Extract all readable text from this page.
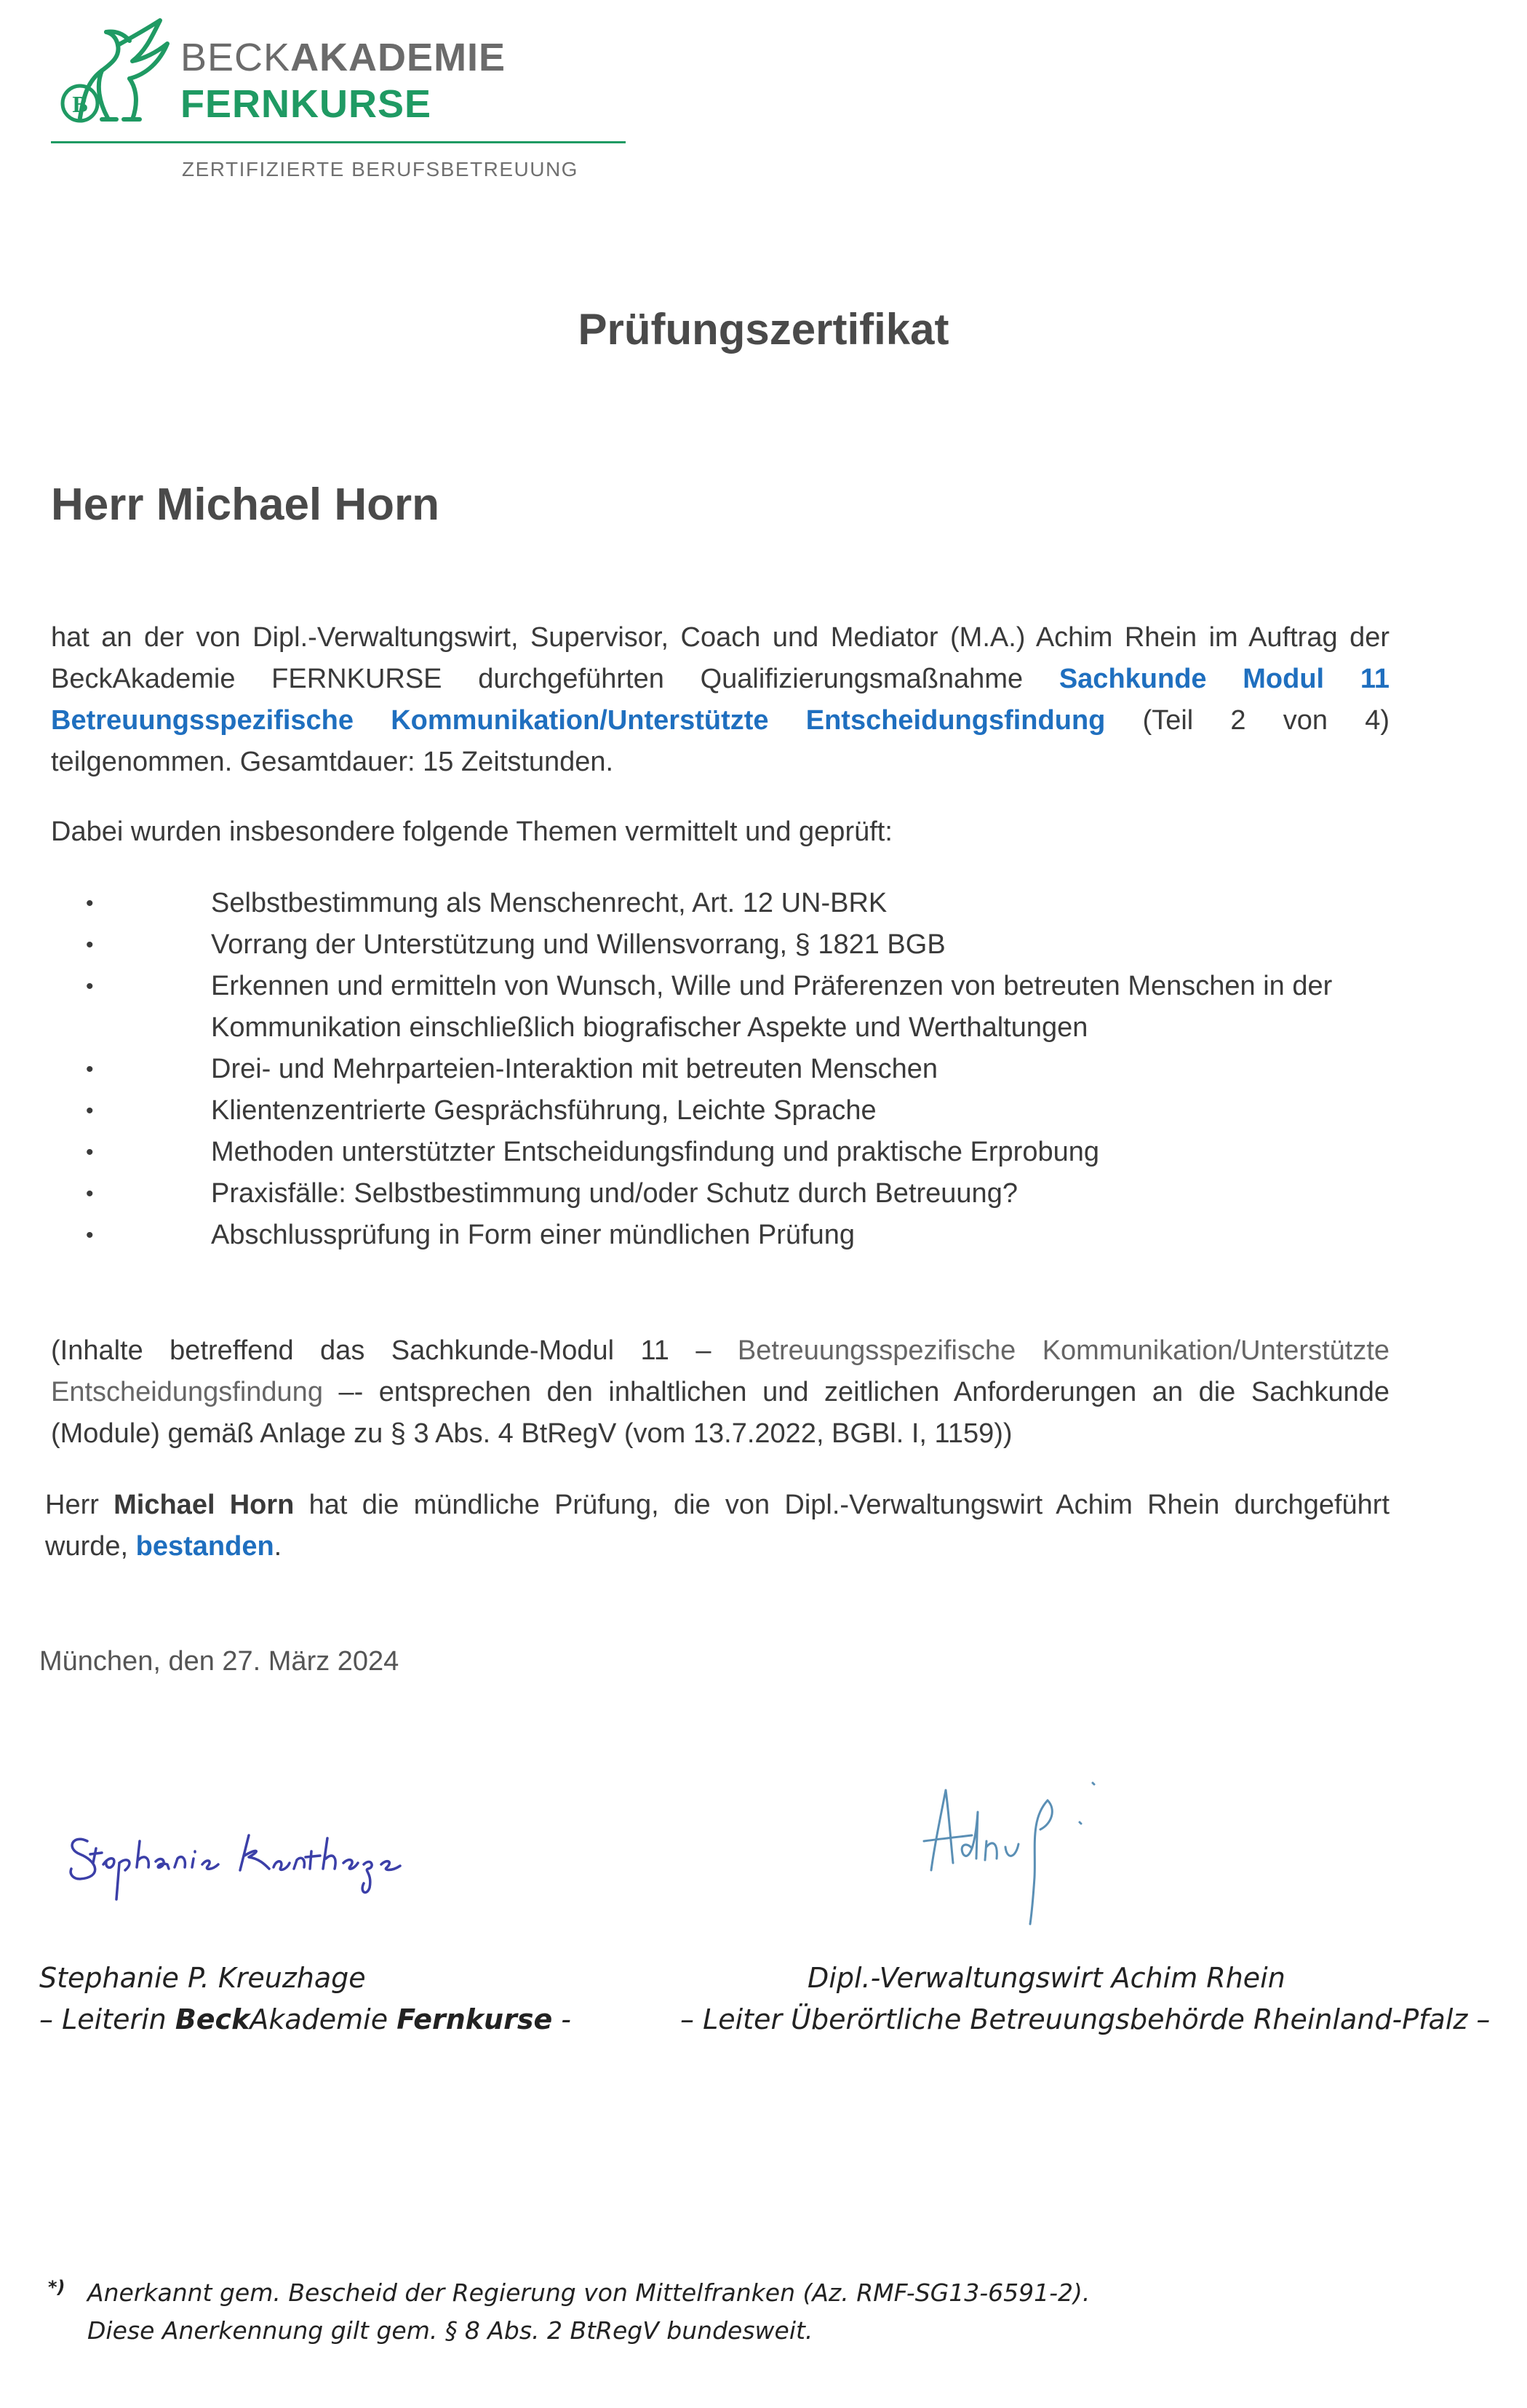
B
BECKAKADEMIE
FERNKURSE
ZERTIFIZIERTE BERUFSBETREUUNG
Prüfungszertifikat
Herr Michael Horn
hat an der von Dipl.-Verwaltungswirt, Supervisor, Coach und Mediator (M.A.) Achim Rhein im Auftrag der BeckAkademie FERNKURSE durchgeführten Qualifizierungsmaßnahme Sachkunde Modul 11 Betreuungsspezifische Kommunikation/Unterstützte Entscheidungsfindung (Teil 2 von 4) teilgenommen. Gesamtdauer: 15 Zeitstunden.
Dabei wurden insbesondere folgende Themen vermittelt und geprüft:
•	Selbstbestimmung als Menschenrecht, Art. 12 UN-BRK
•	Vorrang der Unterstützung und Willensvorrang, § 1821 BGB
•	Erkennen und ermitteln von Wunsch, Wille und Präferenzen von betreuten Menschen in der Kommunikation einschließlich biografischer Aspekte und Werthaltungen
•	Drei- und Mehrparteien-Interaktion mit betreuten Menschen
•	Klientenzentrierte Gesprächsführung, Leichte Sprache
•	Methoden unterstützter Entscheidungsfindung und praktische Erprobung
•	Praxisfälle: Selbstbestimmung und/oder Schutz durch Betreuung?
•	Abschlussprüfung in Form einer mündlichen Prüfung
(Inhalte betreffend das Sachkunde-Modul 11 – Betreuungsspezifische Kommunikation/Unterstützte Entscheidungsfindung –- entsprechen den inhaltlichen und zeitlichen Anforderungen an die Sachkunde (Module) gemäß Anlage zu § 3 Abs. 4 BtRegV (vom 13.7.2022, BGBl. I, 1159))
Herr Michael Horn hat die mündliche Prüfung, die von Dipl.-Verwaltungswirt Achim Rhein durchgeführt wurde, bestanden.
München, den 27. März 2024
Stephanie P. Kreuzhage
– Leiterin BeckAkademie Fernkurse -
Dipl.-Verwaltungswirt Achim Rhein
– Leiter Überörtliche Betreuungsbehörde Rheinland-Pfalz –
*) Anerkannt gem. Bescheid der Regierung von Mittelfranken (Az. RMF-SG13-6591-2).
Diese Anerkennung gilt gem. § 8 Abs. 2 BtRegV bundesweit.
